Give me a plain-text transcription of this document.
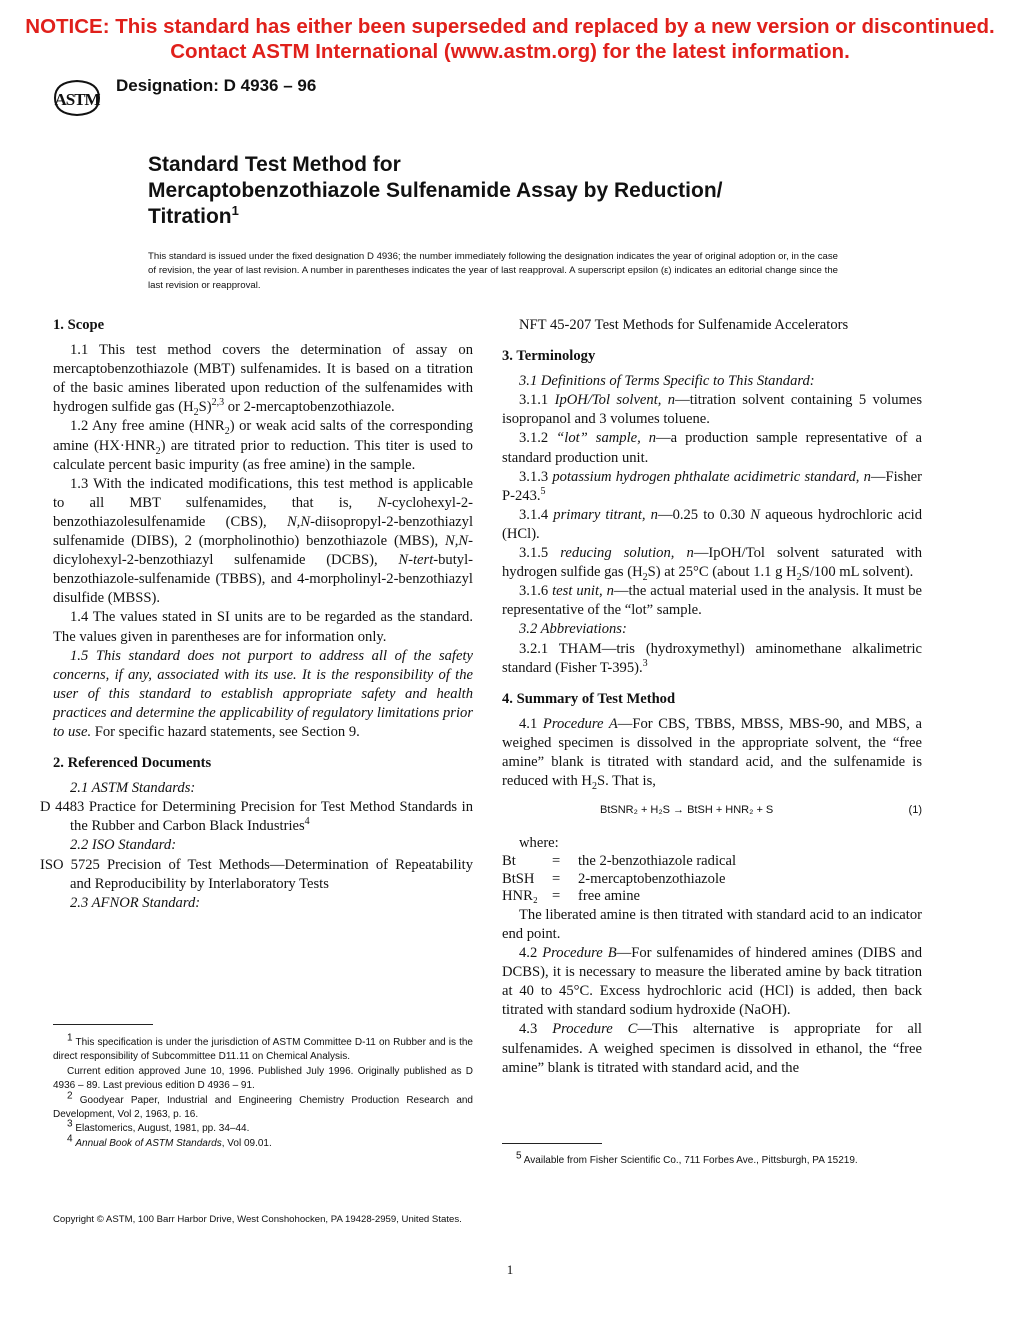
NOTICE: This standard has either been superseded and replaced by a new version or discontinued.
Contact ASTM International (www.astm.org) for the latest information.
ASTM
Designation: D 4936 – 96
Standard Test Method for
Mercaptobenzothiazole Sulfenamide Assay by Reduction/
Titration$^1$
This standard is issued under the fixed designation D 4936; the number immediately following the designation indicates the year of original adoption or, in the case of revision, the year of last revision. A number in parentheses indicates the year of last reapproval. A superscript epsilon (ε) indicates an editorial change since the last revision or reapproval.

1. Scope

1.1 This test method covers the determination of assay on mercaptobenzothiazole (MBT) sulfenamides. It is based on a titration of the basic amines liberated upon reduction of the sulfenamides with hydrogen sulfide gas $(H_2S)^{2,3}$ or 2-mercaptobenzothiazole.

1.2 Any free amine $(HNR_2)$ or weak acid salts of the corresponding amine $(HX\cdot HNR_2)$ are titrated prior to reduction. This titer is used to calculate percent basic impurity (as free amine) in the sample.

1.3 With the indicated modifications, this test method is applicable to all MBT sulfenamides, that is, N-cyclohexyl-2-benzothiazolesulfenamide (CBS), N,N-diisopropyl-2-benzothiazyl sulfenamide (DIBS), 2 (morpholinothio) benzothiazole (MBS), N,N-dicylohexyl-2-benzothiazyl sulfenamide (DCBS), N-tert-butyl-benzothiazole-sulfenamide (TBBS), and 4-morpholinyl-2-benzothiazyl disulfide (MBSS).

1.4 The values stated in SI units are to be regarded as the standard. The values given in parentheses are for information only.

1.5 This standard does not purport to address all of the safety concerns, if any, associated with its use. It is the responsibility of the user of this standard to establish appropriate safety and health practices and determine the applicability of regulatory limitations prior to use. For specific hazard statements, see Section 9.

2. Referenced Documents

2.1 ASTM Standards:

D 4483 Practice for Determining Precision for Test Method Standards in the Rubber and Carbon Black Industries$^4$

2.2 ISO Standard:

ISO 5725 Precision of Test Methods—Determination of Repeatability and Reproducibility by Interlaboratory Tests

2.3 AFNOR Standard:

NFT 45-207 Test Methods for Sulfenamide Accelerators

3. Terminology

3.1 Definitions of Terms Specific to This Standard:

3.1.1 IpOH/Tol solvent, n—titration solvent containing 5 volumes isopropanol and 3 volumes toluene.

3.1.2 “lot” sample, n—a production sample representative of a standard production unit.

3.1.3 potassium hydrogen phthalate acidimetric standard, n—Fisher P-243.$^5$

3.1.4 primary titrant, n—0.25 to 0.30 N aqueous hydrochloric acid (HCl).

3.1.5 reducing solution, n—IpOH/Tol solvent saturated with hydrogen sulfide gas $(H_2S)$ at 25°C (about 1.1 g $H_2S/100$ mL solvent).

3.1.6 test unit, n—the actual material used in the analysis. It must be representative of the “lot” sample.

3.2 Abbreviations:

3.2.1 THAM—tris (hydroxymethyl) aminomethane alkalimetric standard (Fisher T-395).$^3$

4. Summary of Test Method

4.1 Procedure A—For CBS, TBBS, MBSS, MBS-90, and MBS, a weighed specimen is dissolved in the appropriate solvent, the “free amine” blank is titrated with standard acid, and the sulfenamide is reduced with $H_2S$. That is,

BtSNR₂ + H₂S → BtSH + HNR₂ + S	(1)

where:

Bt	=	the 2-benzothiazole radical
BtSH	=	2-mercaptobenzothiazole
HNR₂	=	free amine

The liberated amine is then titrated with standard acid to an indicator end point.

4.2 Procedure B—For sulfenamides of hindered amines (DIBS and DCBS), it is necessary to measure the liberated amine by back titration at 40 to 45°C. Excess hydrochloric acid (HCl) is added, then back titrated with standard sodium hydroxide (NaOH).

4.3 Procedure C—This alternative is appropriate for all sulfenamides. A weighed specimen is dissolved in ethanol, the “free amine” blank is titrated with standard acid, and the

$^1$ This specification is under the jurisdiction of ASTM Committee D-11 on Rubber and is the direct responsibility of Subcommittee D11.11 on Chemical Analysis.

Current edition approved June 10, 1996. Published July 1996. Originally published as D 4936 – 89. Last previous edition D 4936 – 91.

$^2$ Goodyear Paper, Industrial and Engineering Chemistry Production Research and Development, Vol 2, 1963, p. 16.

$^3$ Elastomerics, August, 1981, pp. 34–44.

$^4$ Annual Book of ASTM Standards, Vol 09.01.

$^5$ Available from Fisher Scientific Co., 711 Forbes Ave., Pittsburgh, PA 15219.

Copyright © ASTM, 100 Barr Harbor Drive, West Conshohocken, PA 19428-2959, United States.
1
